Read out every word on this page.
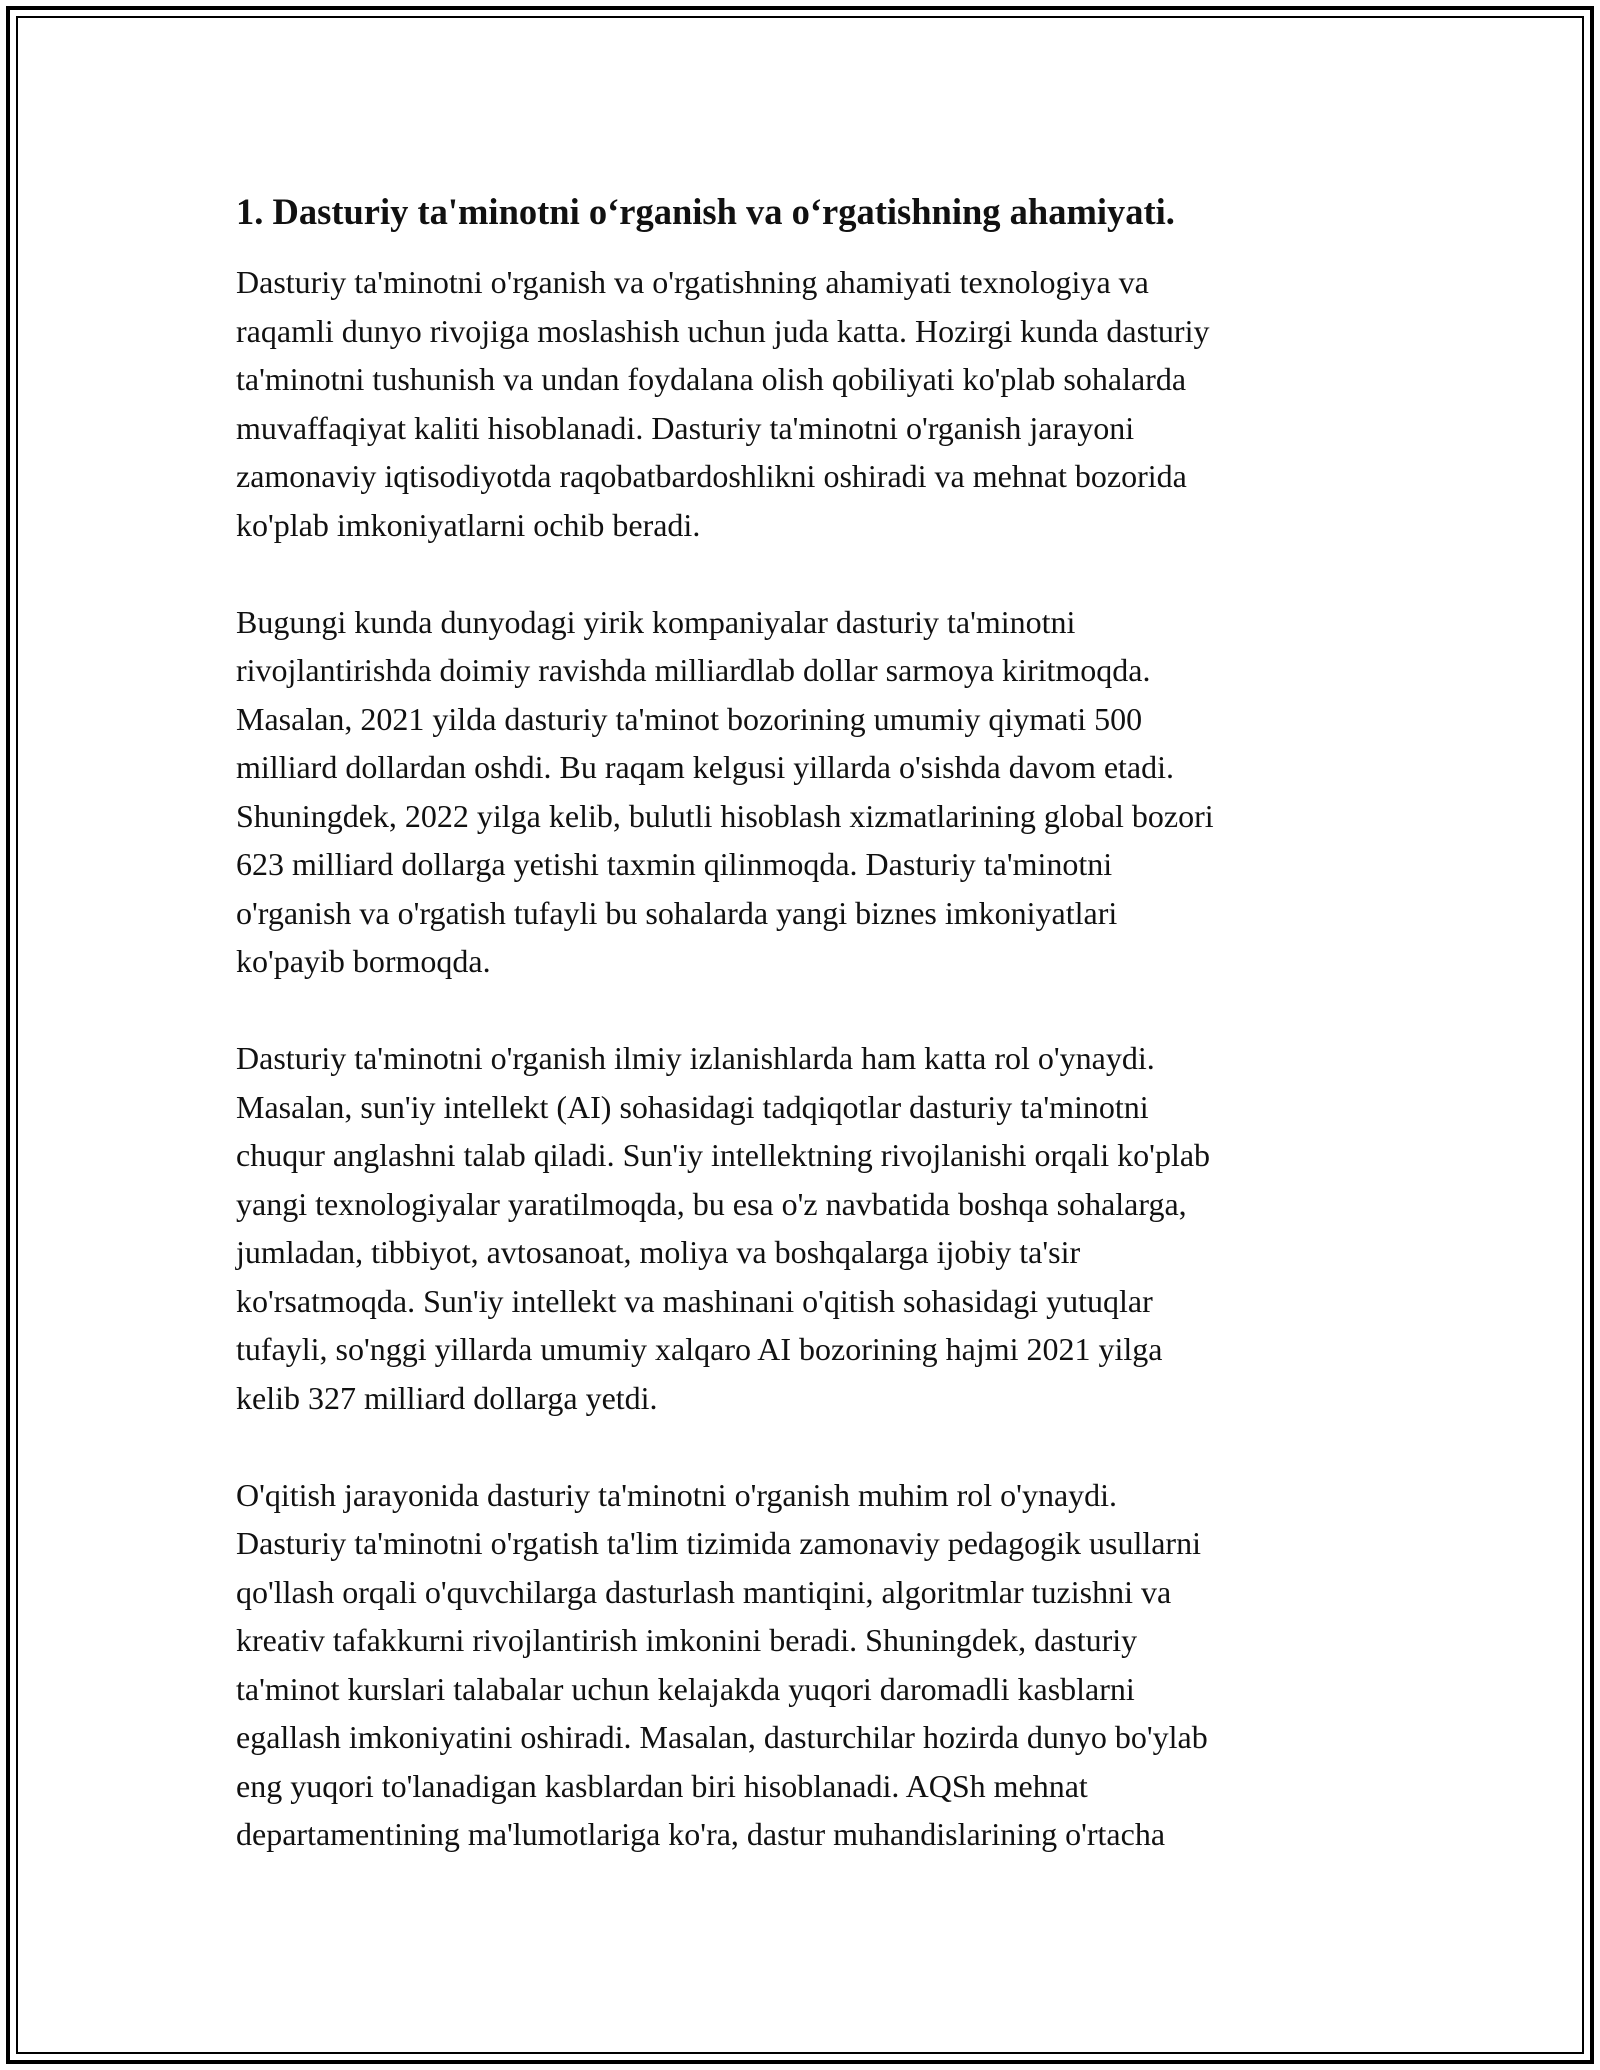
1. Dasturiy ta'minotni o‘rganish va o‘rgatishning ahamiyati.

Dasturiy ta'minotni o'rganish va o'rgatishning ahamiyati texnologiya va
raqamli dunyo rivojiga moslashish uchun juda katta. Hozirgi kunda dasturiy
ta'minotni tushunish va undan foydalana olish qobiliyati ko'plab sohalarda
muvaffaqiyat kaliti hisoblanadi. Dasturiy ta'minotni o'rganish jarayoni
zamonaviy iqtisodiyotda raqobatbardoshlikni oshiradi va mehnat bozorida
ko'plab imkoniyatlarni ochib beradi.

Bugungi kunda dunyodagi yirik kompaniyalar dasturiy ta'minotni
rivojlantirishda doimiy ravishda milliardlab dollar sarmoya kiritmoqda.
Masalan, 2021 yilda dasturiy ta'minot bozorining umumiy qiymati 500
milliard dollardan oshdi. Bu raqam kelgusi yillarda o'sishda davom etadi.
Shuningdek, 2022 yilga kelib, bulutli hisoblash xizmatlarining global bozori
623 milliard dollarga yetishi taxmin qilinmoqda. Dasturiy ta'minotni
o'rganish va o'rgatish tufayli bu sohalarda yangi biznes imkoniyatlari
ko'payib bormoqda.

Dasturiy ta'minotni o'rganish ilmiy izlanishlarda ham katta rol o'ynaydi.
Masalan, sun'iy intellekt (AI) sohasidagi tadqiqotlar dasturiy ta'minotni
chuqur anglashni talab qiladi. Sun'iy intellektning rivojlanishi orqali ko'plab
yangi texnologiyalar yaratilmoqda, bu esa o'z navbatida boshqa sohalarga,
jumladan, tibbiyot, avtosanoat, moliya va boshqalarga ijobiy ta'sir
ko'rsatmoqda. Sun'iy intellekt va mashinani o'qitish sohasidagi yutuqlar
tufayli, so'nggi yillarda umumiy xalqaro AI bozorining hajmi 2021 yilga
kelib 327 milliard dollarga yetdi.

O'qitish jarayonida dasturiy ta'minotni o'rganish muhim rol o'ynaydi.
Dasturiy ta'minotni o'rgatish ta'lim tizimida zamonaviy pedagogik usullarni
qo'llash orqali o'quvchilarga dasturlash mantiqini, algoritmlar tuzishni va
kreativ tafakkurni rivojlantirish imkonini beradi. Shuningdek, dasturiy
ta'minot kurslari talabalar uchun kelajakda yuqori daromadli kasblarni
egallash imkoniyatini oshiradi. Masalan, dasturchilar hozirda dunyo bo'ylab
eng yuqori to'lanadigan kasblardan biri hisoblanadi. AQSh mehnat
departamentining ma'lumotlariga ko'ra, dastur muhandislarining o'rtacha
